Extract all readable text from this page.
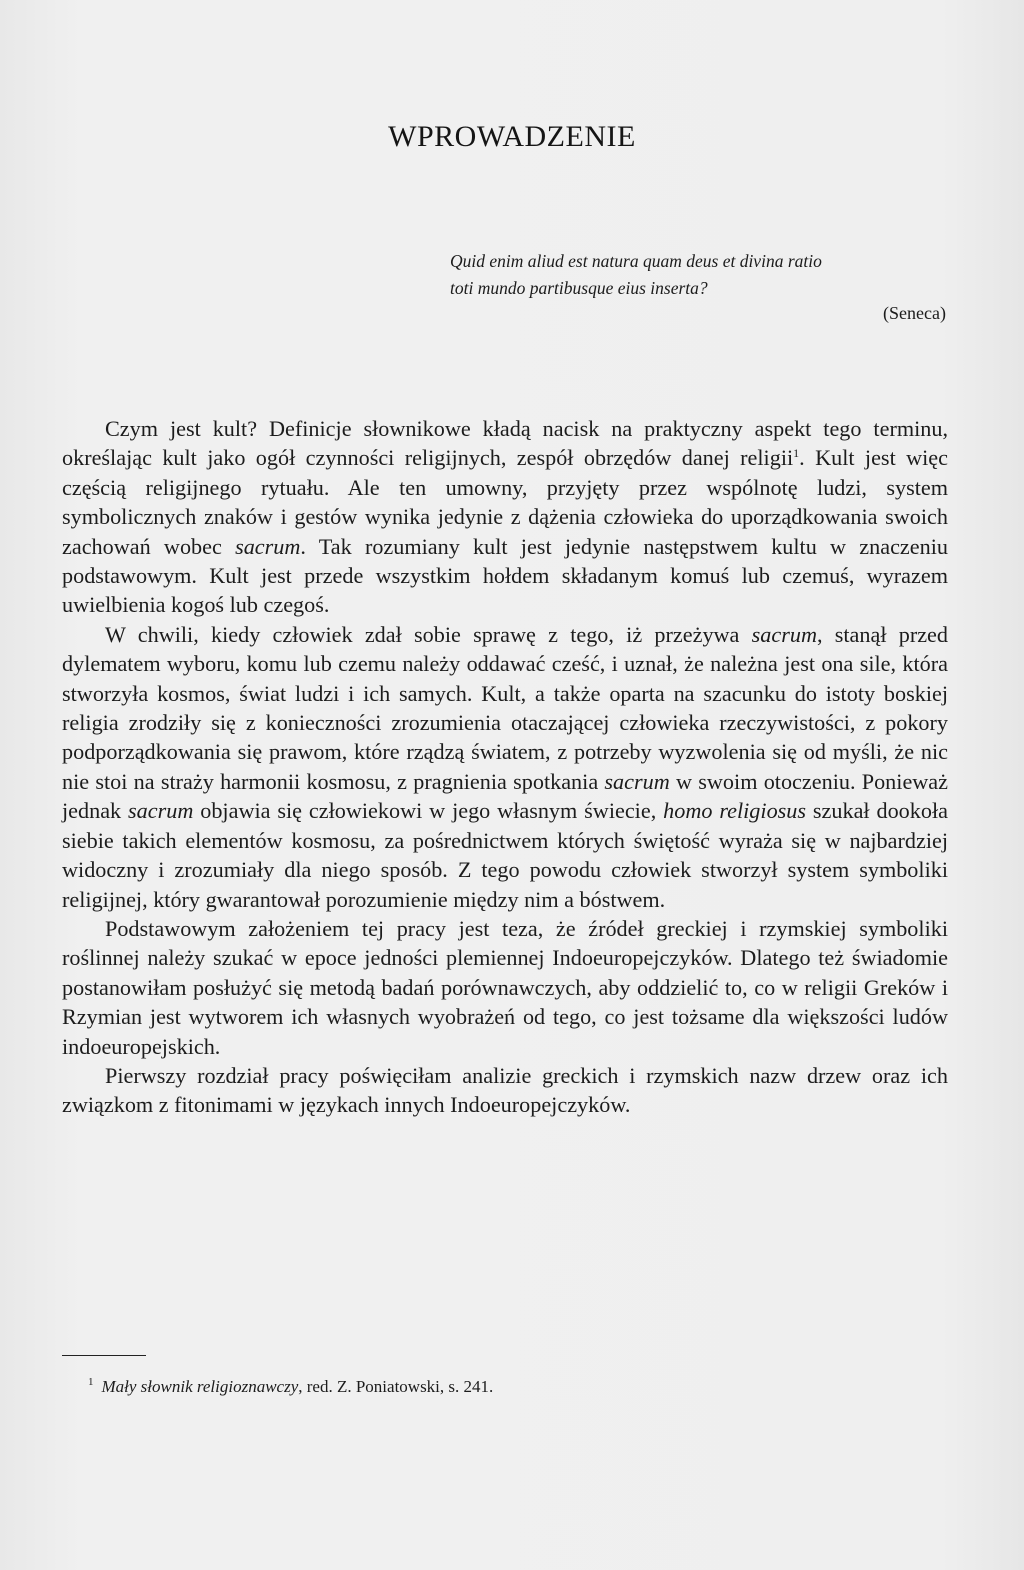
WPROWADZENIE
Quid enim aliud est natura quam deus et divina ratio
toti mundo partibusque eius inserta?
(Seneca)

Czym jest kult? Definicje słownikowe kładą nacisk na praktyczny aspekt tego terminu, określając kult jako ogół czynności religijnych, zespół obrzędów danej religii$^1$. Kult jest więc częścią religijnego rytuału. Ale ten umowny, przyjęty przez wspólnotę ludzi, system symbolicznych znaków i gestów wynika jedynie z dążenia człowieka do uporządkowania swoich zachowań wobec sacrum. Tak rozumiany kult jest jedynie następstwem kultu w znaczeniu podstawowym. Kult jest przede wszystkim hołdem składanym komuś lub czemuś, wyrazem uwielbienia kogoś lub czegoś.

W chwili, kiedy człowiek zdał sobie sprawę z tego, iż przeżywa sacrum, stanął przed dylematem wyboru, komu lub czemu należy oddawać cześć, i uznał, że należna jest ona sile, która stworzyła kosmos, świat ludzi i ich samych. Kult, a także oparta na szacunku do istoty boskiej religia zrodziły się z konieczności zrozumienia otaczającej człowieka rzeczywistości, z pokory podporządkowania się prawom, które rządzą światem, z potrzeby wyzwolenia się od myśli, że nic nie stoi na straży harmonii kosmosu, z pragnienia spotkania sacrum w swoim otoczeniu. Ponieważ jednak sacrum objawia się człowiekowi w jego własnym świecie, homo religiosus szukał dookoła siebie takich elementów kosmosu, za pośrednictwem których świętość wyraża się w najbardziej widoczny i zrozumiały dla niego sposób. Z tego powodu człowiek stworzył system symboliki religijnej, który gwarantował porozumienie między nim a bóstwem.

Podstawowym założeniem tej pracy jest teza, że źródeł greckiej i rzymskiej symboliki roślinnej należy szukać w epoce jedności plemiennej Indoeuropejczyków. Dlatego też świadomie postanowiłam posłużyć się metodą badań porównawczych, aby oddzielić to, co w religii Greków i Rzymian jest wytworem ich własnych wyobrażeń od tego, co jest tożsame dla większości ludów indoeuropejskich.

Pierwszy rozdział pracy poświęciłam analizie greckich i rzymskich nazw drzew oraz ich związkom z fitonimami w językach innych Indoeuropejczyków.

$^1$ Mały słownik religioznawczy, red. Z. Poniatowski, s. 241.
